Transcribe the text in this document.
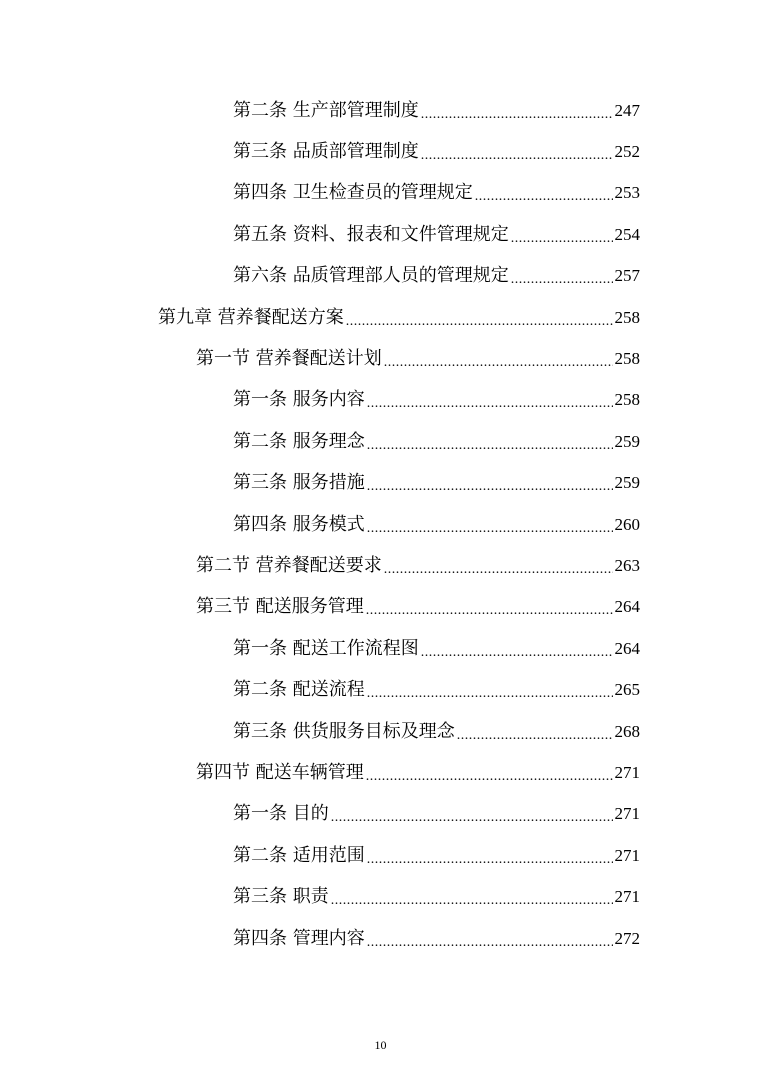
第二条 生产部管理制度 .....	247
第三条 品质部管理制度 .....	252
第四条 卫生检查员的管理规定 .....	253
第五条 资料、报表和文件管理规定 .....	254
第六条 品质管理部人员的管理规定 .....	257
第九章 营养餐配送方案 .....	258
第一节 营养餐配送计划 .....	258
第一条 服务内容 .....	258
第二条 服务理念 .....	259
第三条 服务措施 .....	259
第四条 服务模式 .....	260
第二节 营养餐配送要求 .....	263
第三节 配送服务管理 .....	264
第一条 配送工作流程图 .....	264
第二条 配送流程 .....	265
第三条 供货服务目标及理念 .....	268
第四节 配送车辆管理 .....	271
第一条 目的 .....	271
第二条 适用范围 .....	271
第三条 职责 .....	271
第四条 管理内容 .....	272
10
